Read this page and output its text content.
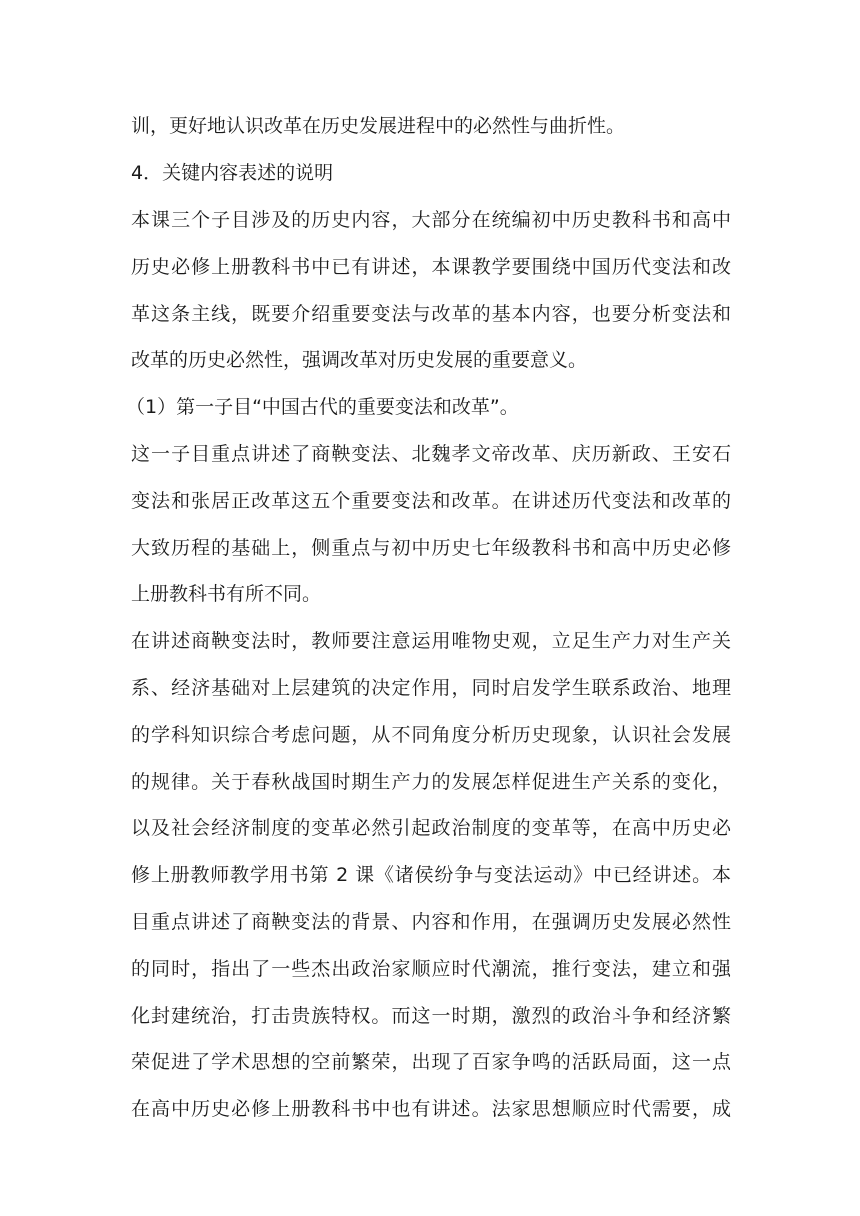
训，更好地认识改革在历史发展进程中的必然性与曲折性。
4．关键内容表述的说明
本课三个子目涉及的历史内容，大部分在统编初中历史教科书和高中
历史必修上册教科书中已有讲述，本课教学要围绕中国历代变法和改
革这条主线，既要介绍重要变法与改革的基本内容，也要分析变法和
改革的历史必然性，强调改革对历史发展的重要意义。
（1）第一子目“中国古代的重要变法和改革”。
这一子目重点讲述了商鞅变法、北魏孝文帝改革、庆历新政、王安石
变法和张居正改革这五个重要变法和改革。在讲述历代变法和改革的
大致历程的基础上，侧重点与初中历史七年级教科书和高中历史必修
上册教科书有所不同。
在讲述商鞅变法时，教师要注意运用唯物史观，立足生产力对生产关
系、经济基础对上层建筑的决定作用，同时启发学生联系政治、地理
的学科知识综合考虑问题，从不同角度分析历史现象，认识社会发展
的规律。关于春秋战国时期生产力的发展怎样促进生产关系的变化，
以及社会经济制度的变革必然引起政治制度的变革等，在高中历史必
修上册教师教学用书第 2 课《诸侯纷争与变法运动》中已经讲述。本
目重点讲述了商鞅变法的背景、内容和作用，在强调历史发展必然性
的同时，指出了一些杰出政治家顺应时代潮流，推行变法，建立和强
化封建统治，打击贵族特权。而这一时期，激烈的政治斗争和经济繁
荣促进了学术思想的空前繁荣，出现了百家争鸣的活跃局面，这一点
在高中历史必修上册教科书中也有讲述。法家思想顺应时代需要，成
